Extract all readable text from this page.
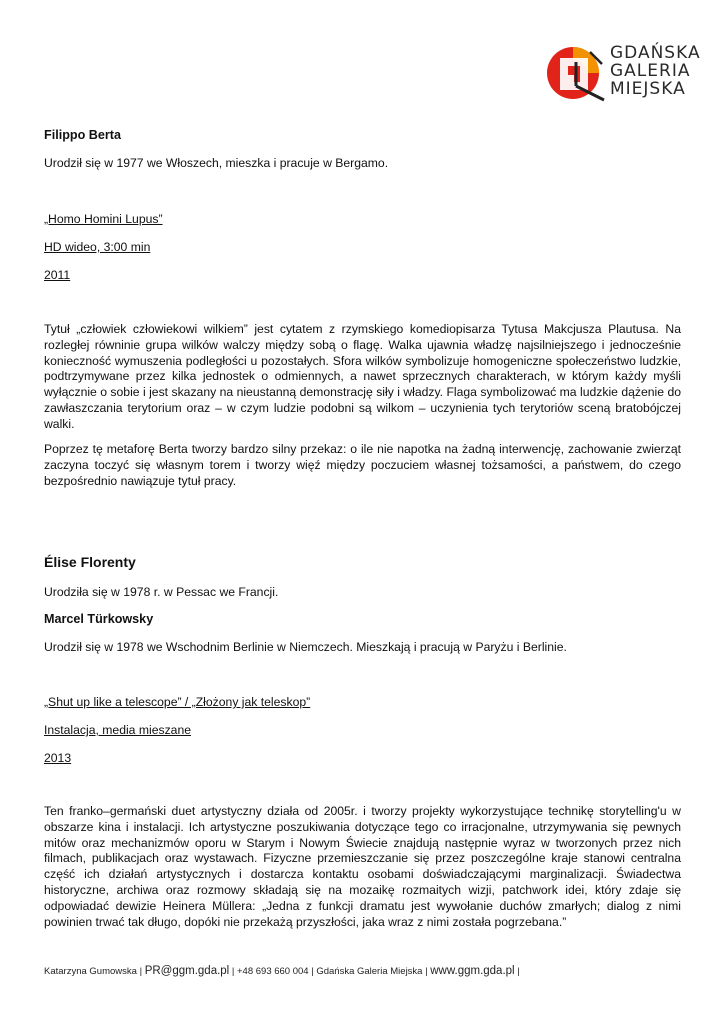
GDAŃSKA
GALERIA
MIEJSKA
Filippo Berta
Urodził się w 1977 we Włoszech, mieszka i pracuje w Bergamo.
„Homo Homini Lupus”
HD wideo, 3:00 min
2011
Tytuł „człowiek człowiekowi wilkiem” jest cytatem z rzymskiego komediopisarza Tytusa Makcjusza Plautusa. Na rozległej równinie grupa wilków walczy między sobą o flagę. Walka ujawnia władzę najsilniejszego i jednocześnie konieczność wymuszenia podległości u pozostałych. Sfora wilków symbolizuje homogeniczne społeczeństwo ludzkie, podtrzymywane przez kilka jednostek o odmiennych, a nawet sprzecznych charakterach, w którym każdy myśli wyłącznie o sobie i jest skazany na nieustanną demonstrację siły i władzy. Flaga symbolizować ma ludzkie dążenie do zawłaszczania terytorium oraz – w czym ludzie podobni są wilkom – uczynienia tych terytoriów sceną bratobójczej walki.
Poprzez tę metaforę Berta tworzy bardzo silny przekaz: o ile nie napotka na żadną interwencję, zachowanie zwierząt zaczyna toczyć się własnym torem i tworzy więź między poczuciem własnej tożsamości, a państwem, do czego bezpośrednio nawiązuje tytuł pracy.
Élise Florenty
Urodziła się w 1978 r. w Pessac we Francji.
Marcel Türkowsky
Urodził się w 1978 we Wschodnim Berlinie w Niemczech. Mieszkają i pracują w Paryżu i Berlinie.
„Shut up like a telescope” / „Złożony jak teleskop”
Instalacja, media mieszane
2013
Ten franko–germański duet artystyczny działa od 2005r. i tworzy projekty wykorzystujące technikę storytelling'u w obszarze kina i instalacji. Ich artystyczne poszukiwania dotyczące tego co irracjonalne, utrzymywania się pewnych mitów oraz mechanizmów oporu w Starym i Nowym Świecie znajdują następnie wyraz w tworzonych przez nich filmach, publikacjach oraz wystawach. Fizyczne przemieszczanie się przez poszczególne kraje stanowi centralna część ich działań artystycznych i dostarcza kontaktu osobami doświadczającymi marginalizacji. Świadectwa historyczne, archiwa oraz rozmowy składają się na mozaikę rozmaitych wizji, patchwork idei, który zdaje się odpowiadać dewizie Heinera Müllera: „Jedna z funkcji dramatu jest wywołanie duchów zmarłych; dialog z nimi powinien trwać tak długo, dopóki nie przekażą przyszłości, jaka wraz z nimi została pogrzebana.”
Katarzyna Gumowska | PR@ggm.gda.pl | +48 693 660 004 | Gdańska Galeria Miejska | www.ggm.gda.pl |
